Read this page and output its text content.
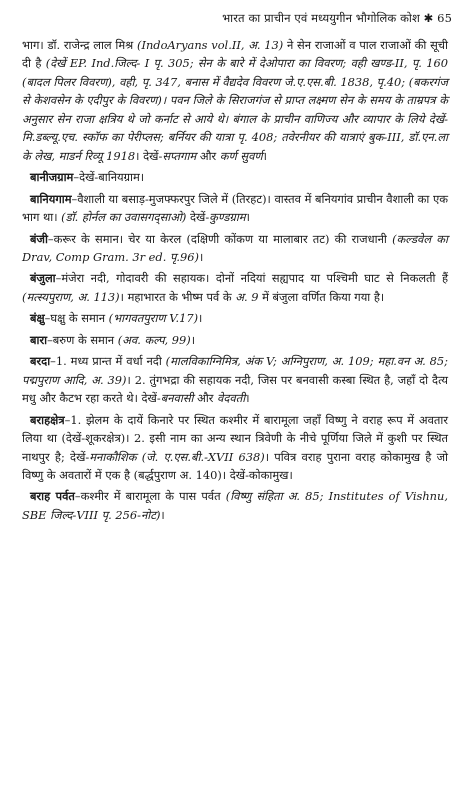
भारत का प्राचीन एवं मध्ययुगीन भौगोलिक कोश ✱ 65

भाग। डॉ. राजेन्द्र लाल मिश्र (IndoAryans vol.II, अ. 13) ने सेन राजाओं व पाल राजाओं की सूची दी है (देखें EP. Ind.जिल्द- I पृ. 305; सेन के बारे में देओपारा का विवरण; वही खण्ड-II, पृ. 160 (बादल पिलर विवरण), वही, पृ. 347, बनास में वैद्यदेव विवरण जे.ए.एस.बी. 1838, पृ.40; (बकरगंज से केशवसेन के एदीपुर के विवरण)। पवन जिले के सिराजगंज से प्राप्त लक्ष्मण सेन के समय के ताम्रपत्र के अनुसार सेन राजा क्षत्रिय थे जो कर्नाट से आये थे। बंगाल के प्राचीन वाणिज्य और व्यापार के लिये देखें-मि.डब्ल्यू.एच. स्कॉफ का पेरीप्लस; बर्नियर की यात्रा पृ. 408; तवेरनीयर की यात्राएं बुक-III, डॉ.एन.ला के लेख, माडर्न रिव्यू 1918। देखें-सप्तगाम और कर्ण सुवर्ण।

बानीजग्राम–देखें-बानियग्राम।

बानियगाम–वैशाली या बसाड़-मुजफ्फरपुर जिले में (तिरहट)। वास्तव में बनियगांव प्राचीन वैशाली का एक भाग था। (डॉ. होर्नल का उवासगद्साओ) देखें-कुण्डग्राम।

बंजी–करूर के समान। चेर या केरल (दक्षिणी कोंकण या मालाबार तट) की राजधानी (कल्डवेल का Drav, Comp Gram. 3r ed. पृ.96)।

बंजुला–मंजेरा नदी, गोदावरी की सहायक। दोनों नदियां सह्यपाद या पश्चिमी घाट से निकलती हैं (मत्स्यपुराण, अ. 113)। महाभारत के भीष्म पर्व के अ. 9 में बंजुला वर्णित किया गया है।

बंक्षु–घक्षु के समान (भागवतपुराण V.17)।

बारा–बरुण के समान (अव. कल्प, 99)।

बरदा–1. मध्य प्रान्त में वर्धा नदी (मालविकाग्निमित्र, अंक V; अग्निपुराण, अ. 109; महा.वन अ. 85; पद्मपुराण आदि, अ. 39)। 2. तुंगभद्रा की सहायक नदी, जिस पर बनवासी कस्बा स्थित है, जहाँ दो दैत्य मधु और कैटभ रहा करते थे। देखें-बनवासी और वेदवती।

बराहक्षेत्र–1. झेलम के दायें किनारे पर स्थित कश्मीर में बारामूला जहाँ विष्णु ने वराह रूप में अवतार लिया था (देखें-शूकरक्षेत्र)। 2. इसी नाम का अन्य स्थान त्रिवेणी के नीचे पूर्णिया जिले में कुशी पर स्थित नाथपुर है; देखें-मनाकौशिक (जे. ए.एस.बी.-XVII 638)। पवित्र वराह पुराना वराह कोकामुख है जो विष्णु के अवतारों में एक है (बर्द्धपुराण अ. 140)। देखें-कोकामुख।

बराह पर्वत–कश्मीर में बारामूला के पास पर्वत (विष्णु संहिता अ. 85; Institutes of Vishnu, SBE जिल्द-VIII पृ. 256-नोट)।
